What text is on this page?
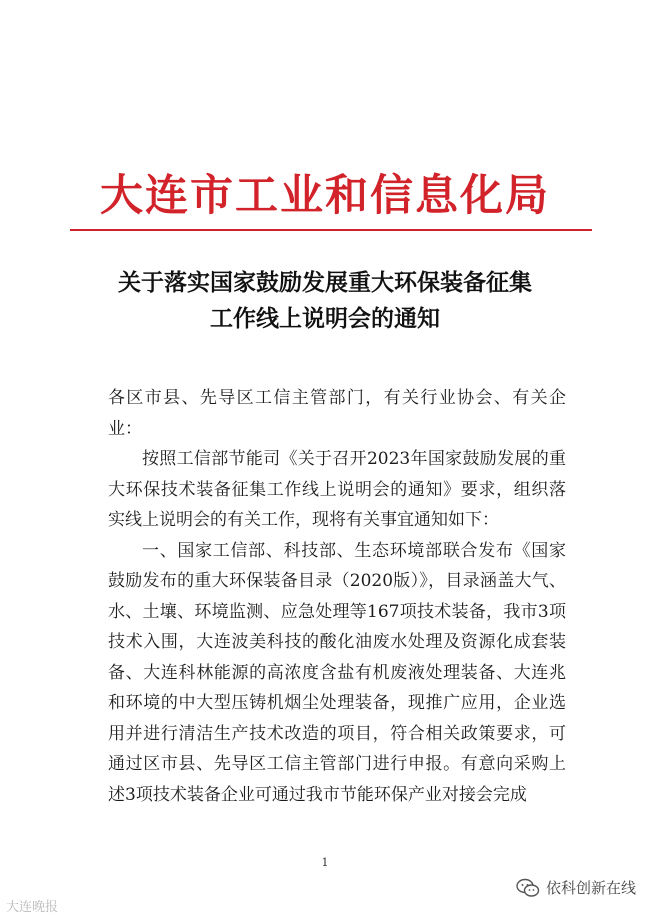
大连市工业和信息化局
关于落实国家鼓励发展重大环保装备征集
工作线上说明会的通知

各区市县、先导区工信主管部门，有关行业协会、有关企业：

按照工信部节能司《关于召开2023年国家鼓励发展的重大环保技术装备征集工作线上说明会的通知》要求，组织落实线上说明会的有关工作，现将有关事宜通知如下：

一、国家工信部、科技部、生态环境部联合发布《国家鼓励发布的重大环保装备目录（2020版）》，目录涵盖大气、水、土壤、环境监测、应急处理等167项技术装备，我市3项技术入围，大连波美科技的酸化油废水处理及资源化成套装备、大连科林能源的高浓度含盐有机废液处理装备、大连兆和环境的中大型压铸机烟尘处理装备，现推广应用，企业选用并进行清洁生产技术改造的项目，符合相关政策要求，可通过区市县、先导区工信主管部门进行申报。有意向采购上述3项技术装备企业可通过我市节能环保产业对接会完成

1
大连晚报
依科创新在线
